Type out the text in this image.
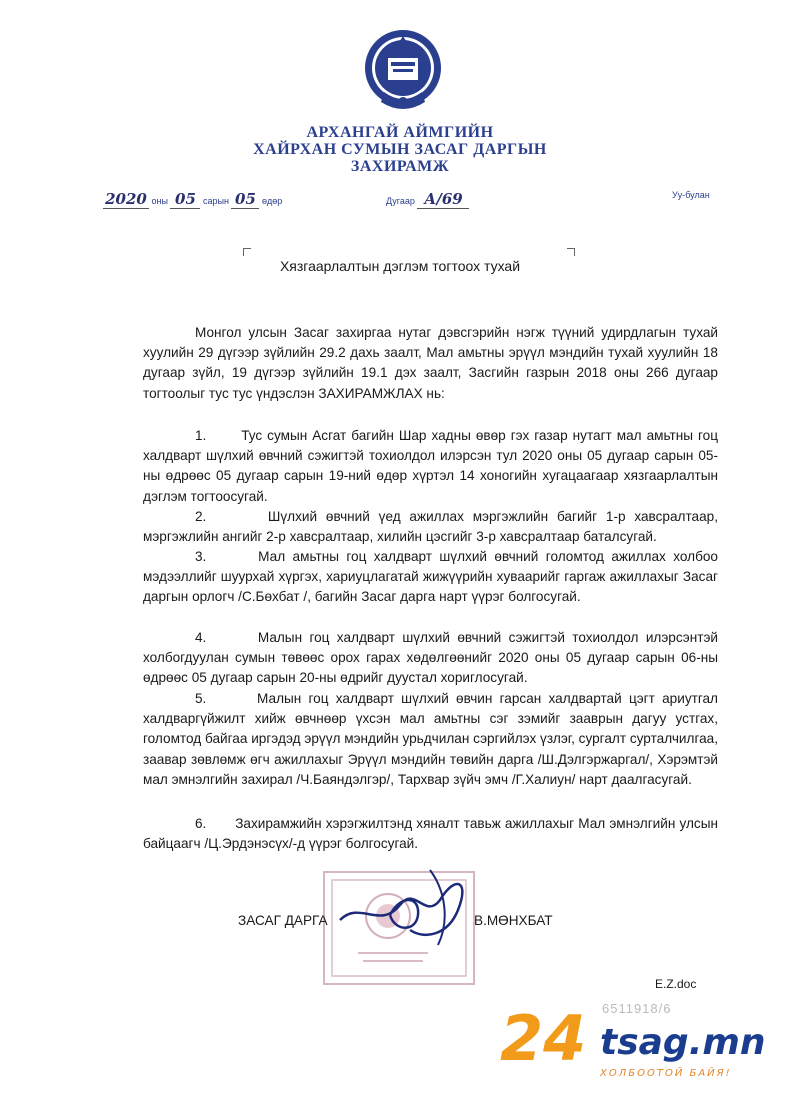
АРХАНГАЙ АЙМГИЙН
ХАЙРХАН СУМЫН ЗАСАГ ДАРГЫН
ЗАХИРАМЖ
2020 оны 05 сарын 05 өдөр	Дугаар А/69	Уу-булан
Хязгаарлалтын дэглэм тогтоох тухай
Монгол улсын Засаг захиргаа нутаг дэвсгэрийн нэгж түүний удирдлагын тухай хуулийн 29 дүгээр зүйлийн 29.2 дахь заалт, Мал амьтны эрүүл мэндийн тухай хуулийн 18 дугаар зүйл, 19 дүгээр зүйлийн 19.1 дэх заалт, Засгийн газрын 2018 оны 266 дугаар тогтоолыг тус тус үндэслэн ЗАХИРАМЖЛАХ нь:
1.       Тус сумын Асгат багийн Шар хадны өвөр гэх газар нутагт мал амьтны гоц халдварт шүлхий өвчний сэжигтэй тохиолдол илэрсэн тул 2020 оны 05 дугаар сарын 05-ны өдрөөс 05 дугаар сарын 19-ний өдөр хүртэл 14 хоногийн хугацаагаар хязгаарлалтын дэглэм тогтоосугай.
2.       Шүлхий өвчний үед ажиллах мэргэжлийн багийг 1-р хавсралтаар, мэргэжлийн ангийг 2-р хавсралтаар, хилийн цэсгийг 3-р хавсралтаар баталсугай.
3.       Мал амьтны гоц халдварт шүлхий өвчний голомтод ажиллах холбоо мэдээллийг шуурхай хүргэх, хариуцлагатай жижүүрийн хуваарийг гаргаж ажиллахыг Засаг даргын орлогч /С.Бөхбат /, багийн Засаг дарга нарт үүрэг болгосугай.
4.       Малын гоц халдварт шүлхий өвчний сэжигтэй тохиолдол илэрсэнтэй холбогдуулан сумын төвөөс орох гарах хөдөлгөөнийг 2020 оны 05 дугаар сарын 06-ны өдрөөс 05 дугаар сарын 20-ны өдрийг дуустал хориглосугай.
5.       Малын гоц халдварт шүлхий өвчин гарсан халдвартай цэгт ариутгал халдваргүйжилт хийж өвчнөөр үхсэн мал амьтны сэг зэмийг зааврын дагуу устгах, голомтод байгаа иргэдэд эрүүл мэндийн урьдчилан сэргийлэх үзлэг, сургалт сурталчилгаа, заавар зөвлөмж өгч ажиллахыг Эрүүл мэндийн төвийн дарга /Ш.Дэлгэржаргал/, Хэрэмтэй мал эмнэлгийн захирал /Ч.Баяндэлгэр/, Тархвар зүйч эмч /Г.Халиун/ нарт даалгасугай.
6.       Захирамжийн хэрэгжилтэнд хяналт тавьж ажиллахыг Мал эмнэлгийн улсын байцаагч /Ц.Эрдэнэсүх/-д үүрэг болгосугай.
ЗАСАГ ДАРГА	В.МӨНХБАТ
E.Z.doc
6511918/6
24 tsag.mn
ХОЛБООТОЙ БАЙЯ!
